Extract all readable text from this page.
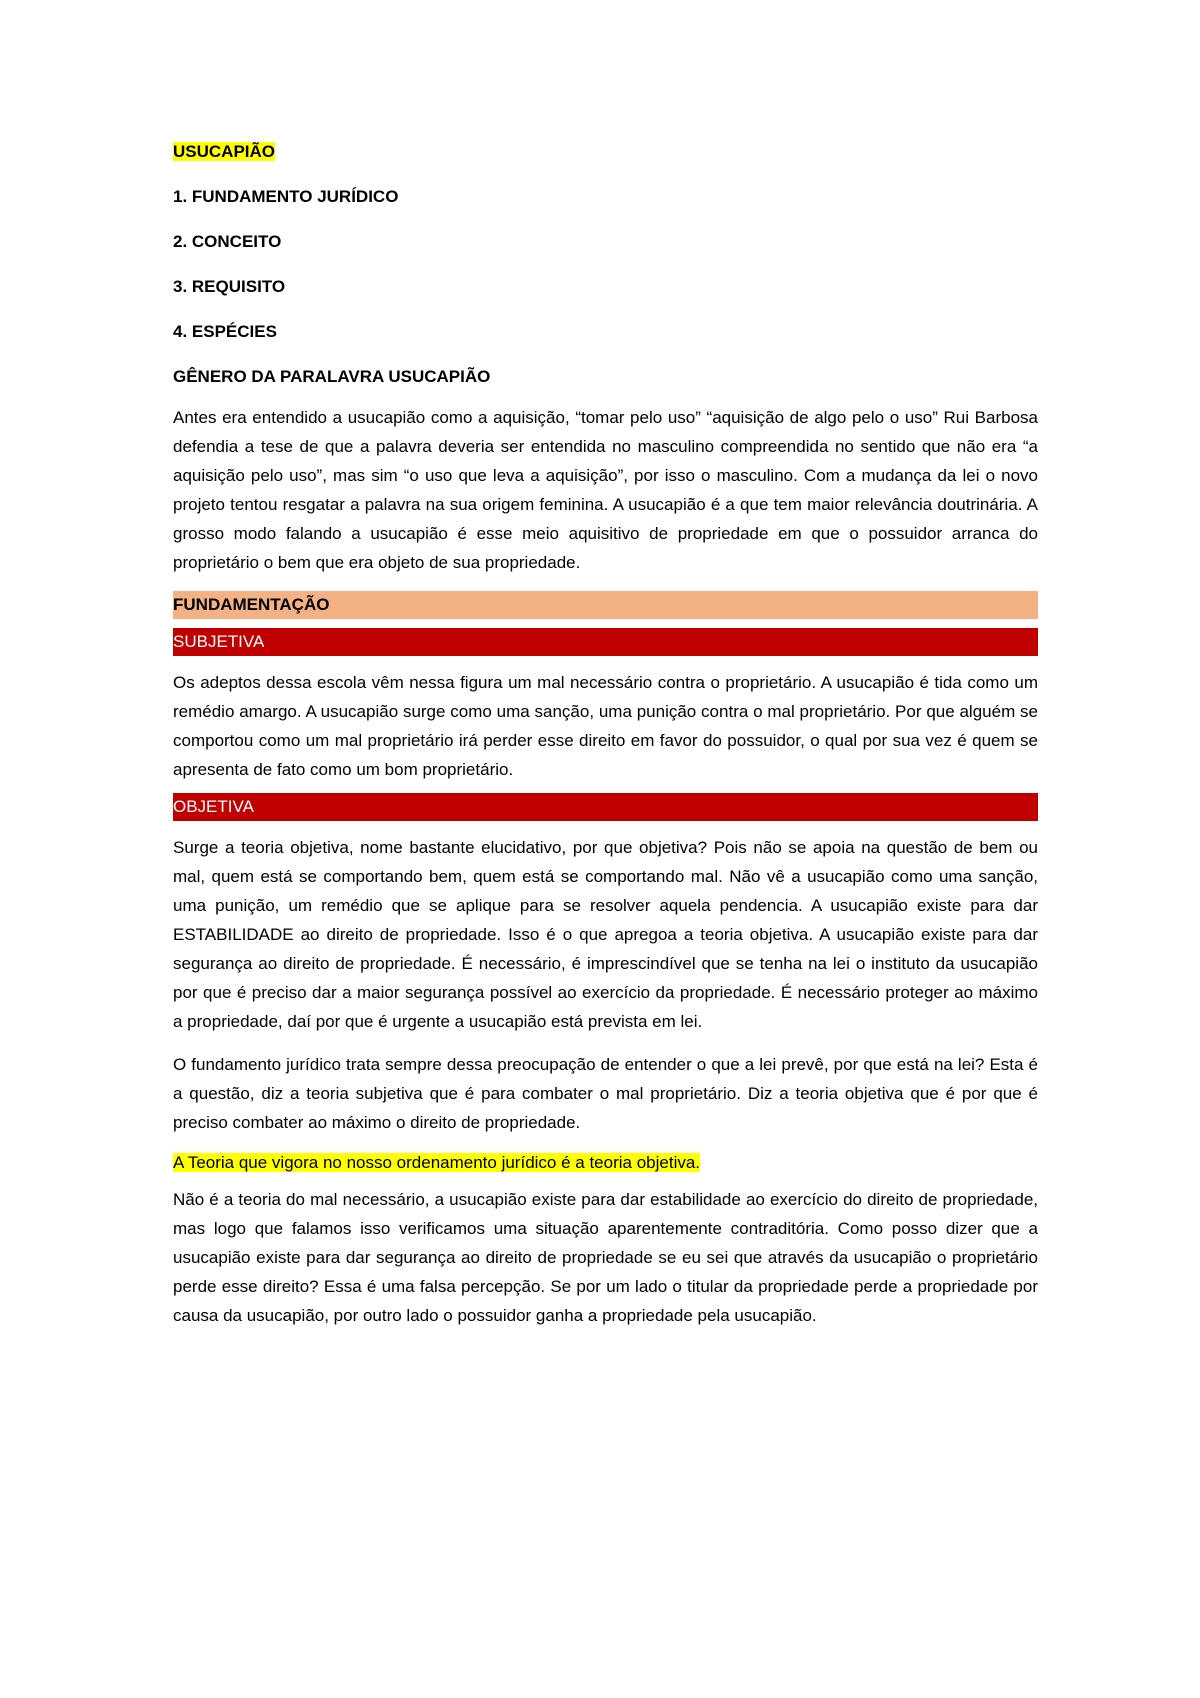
USUCAPIÃO
1. FUNDAMENTO JURÍDICO
2. CONCEITO
3. REQUISITO
4. ESPÉCIES
GÊNERO DA PARALAVRA USUCAPIÃO

Antes era entendido a usucapião como a aquisição, “tomar pelo uso” “aquisição de algo pelo o uso” Rui Barbosa defendia a tese de que a palavra deveria ser entendida no masculino compreendida no sentido que não era “a aquisição pelo uso”, mas sim “o uso que leva a aquisição”, por isso o masculino. Com a mudança da lei o novo projeto tentou resgatar a palavra na sua origem feminina. A usucapião é a que tem maior relevância doutrinária. A grosso modo falando a usucapião é esse meio aquisitivo de propriedade em que o possuidor arranca do proprietário o bem que era objeto de sua propriedade.

FUNDAMENTAÇÃO
SUBJETIVA

Os adeptos dessa escola vêm nessa figura um mal necessário contra o proprietário. A usucapião é tida como um remédio amargo. A usucapião surge como uma sanção, uma punição contra o mal proprietário. Por que alguém se comportou como um mal proprietário irá perder esse direito em favor do possuidor, o qual por sua vez é quem se apresenta de fato como um bom proprietário.

OBJETIVA

Surge a teoria objetiva, nome bastante elucidativo, por que objetiva? Pois não se apoia na questão de bem ou mal, quem está se comportando bem, quem está se comportando mal. Não vê a usucapião como uma sanção, uma punição, um remédio que se aplique para se resolver aquela pendencia. A usucapião existe para dar ESTABILIDADE ao direito de propriedade. Isso é o que apregoa a teoria objetiva. A usucapião existe para dar segurança ao direito de propriedade. É necessário, é imprescindível que se tenha na lei o instituto da usucapião por que é preciso dar a maior segurança possível ao exercício da propriedade. É necessário proteger ao máximo a propriedade, daí por que é urgente a usucapião está prevista em lei.

O fundamento jurídico trata sempre dessa preocupação de entender o que a lei prevê, por que está na lei? Esta é a questão, diz a teoria subjetiva que é para combater o mal proprietário. Diz a teoria objetiva que é por que é preciso combater ao máximo o direito de propriedade.

A Teoria que vigora no nosso ordenamento jurídico é a teoria objetiva.

Não é a teoria do mal necessário, a usucapião existe para dar estabilidade ao exercício do direito de propriedade, mas logo que falamos isso verificamos uma situação aparentemente contraditória. Como posso dizer que a usucapião existe para dar segurança ao direito de propriedade se eu sei que através da usucapião o proprietário perde esse direito? Essa é uma falsa percepção. Se por um lado o titular da propriedade perde a propriedade por causa da usucapião, por outro lado o possuidor ganha a propriedade pela usucapião.
